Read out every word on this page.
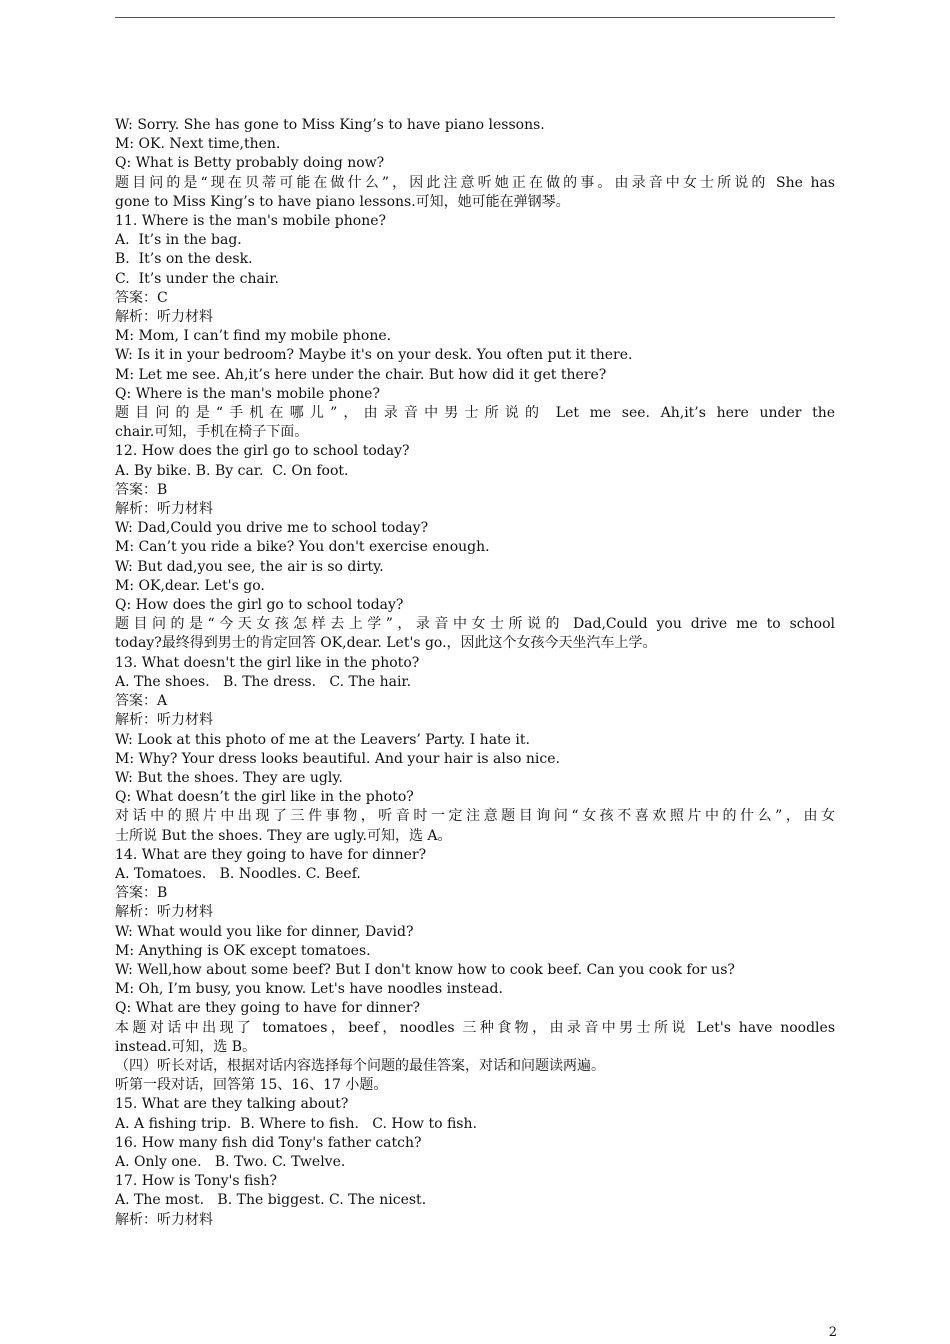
W: Sorry. She has gone to Miss King’s to have piano lessons.
M: OK. Next time,then.
Q: What is Betty probably doing now?
题目问的是“现在贝蒂可能在做什么”，因此注意听她正在做的事。由录音中女士所说的 She has
gone to Miss King’s to have piano lessons.可知，她可能在弹钢琴。
11. Where is the man's mobile phone?
A.  It’s in the bag.
B.  It’s on the desk.
C.  It’s under the chair.
答案：C
解析：听力材料
M: Mom, I can’t find my mobile phone.
W: Is it in your bedroom? Maybe it's on your desk. You often put it there.
M: Let me see. Ah,it’s here under the chair. But how did it get there?
Q: Where is the man's mobile phone?
题目问的是“手机在哪儿”，由录音中男士所说的 Let me see. Ah,it’s here under the
chair.可知，手机在椅子下面。
12. How does the girl go to school today?
A. By bike. B. By car.  C. On foot.
答案：B
解析：听力材料
W: Dad,Could you drive me to school today?
M: Can’t you ride a bike? You don't exercise enough.
W: But dad,you see, the air is so dirty.
M: OK,dear. Let's go.
Q: How does the girl go to school today?
题目问的是“今天女孩怎样去上学”，录音中女士所说的 Dad,Could you drive me to school
today?最终得到男士的肯定回答 OK,dear. Let's go.，因此这个女孩今天坐汽车上学。
13. What doesn't the girl like in the photo?
A. The shoes.   B. The dress.   C. The hair.
答案：A
解析：听力材料
W: Look at this photo of me at the Leavers’ Party. I hate it.
M: Why? Your dress looks beautiful. And your hair is also nice.
W: But the shoes. They are ugly.
Q: What doesn’t the girl like in the photo?
对话中的照片中出现了三件事物，听音时一定注意题目询问“女孩不喜欢照片中的什么”，由女
士所说 But the shoes. They are ugly.可知，选 A。
14. What are they going to have for dinner?
A. Tomatoes.   B. Noodles. C. Beef.
答案：B
解析：听力材料
W: What would you like for dinner, David?
M: Anything is OK except tomatoes.
W: Well,how about some beef? But I don't know how to cook beef. Can you cook for us?
M: Oh, I’m busy, you know. Let's have noodles instead.
Q: What are they going to have for dinner?
本题对话中出现了 tomatoes，beef，noodles 三种食物，由录音中男士所说 Let's have noodles
instead.可知，选 B。
（四）听长对话，根据对话内容选择每个问题的最佳答案，对话和问题读两遍。
听第一段对话，回答第 15、16、17 小题。
15. What are they talking about?
A. A fishing trip.  B. Where to fish.   C. How to fish.
16. How many fish did Tony's father catch?
A. Only one.   B. Two. C. Twelve.
17. How is Tony's fish?
A. The most.   B. The biggest. C. The nicest.
解析：听力材料
2
